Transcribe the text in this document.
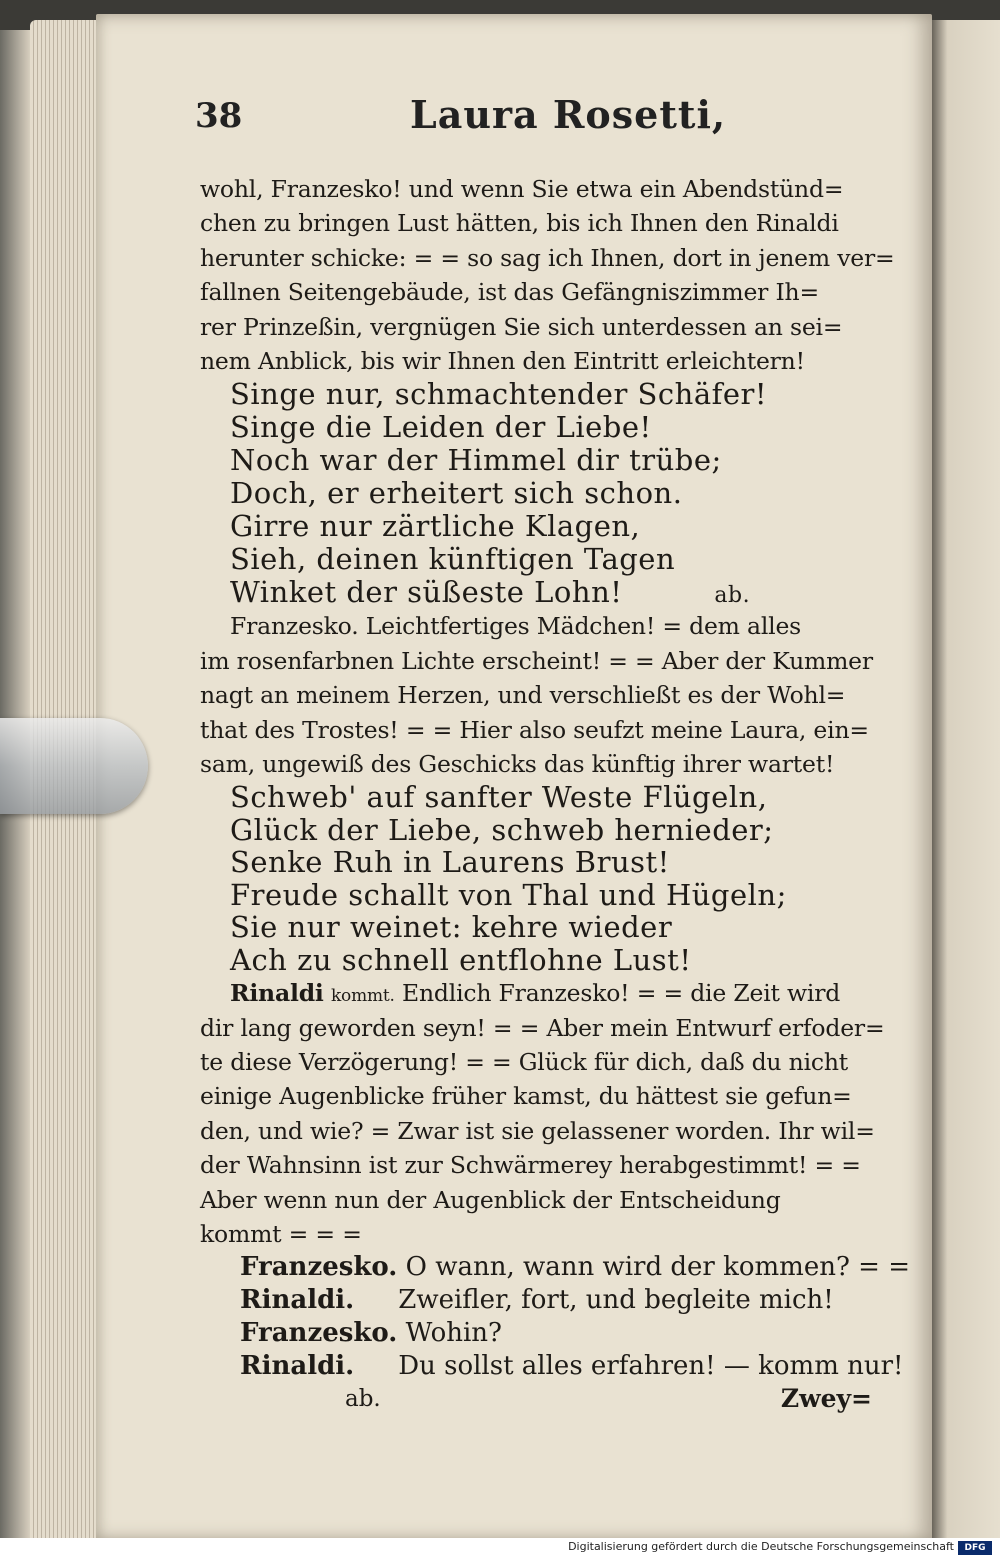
38	Laura Rosetti,
wohl, Franzesko! und wenn Sie etwa ein Abendstünd=
chen zu bringen Lust hätten, bis ich Ihnen den Rinaldi
herunter schicke: = = so sag ich Ihnen, dort in jenem ver=
fallnen Seitengebäude, ist das Gefängniszimmer Ih=
rer Prinzeßin, vergnügen Sie sich unterdessen an sei=
nem Anblick, bis wir Ihnen den Eintritt erleichtern!
Singe nur, schmachtender Schäfer!
Singe die Leiden der Liebe!
Noch war der Himmel dir trübe;
Doch, er erheitert sich schon.
Girre nur zärtliche Klagen,
Sieh, deinen künftigen Tagen
Winket der süßeste Lohn!	ab.
Franzesko. Leichtfertiges Mädchen! = dem alles
im rosenfarbnen Lichte erscheint! = = Aber der Kummer
nagt an meinem Herzen, und verschließt es der Wohl=
that des Trostes! = = Hier also seufzt meine Laura, ein=
sam, ungewiß des Geschicks das künftig ihrer wartet!
Schweb' auf sanfter Weste Flügeln,
Glück der Liebe, schweb hernieder;
Senke Ruh in Laurens Brust!
Freude schallt von Thal und Hügeln;
Sie nur weinet: kehre wieder
Ach zu schnell entflohne Lust!
Rinaldi kommt. Endlich Franzesko! = = die Zeit wird
dir lang geworden seyn! = = Aber mein Entwurf erfoder=
te diese Verzögerung! = = Glück für dich, daß du nicht
einige Augenblicke früher kamst, du hättest sie gefun=
den, und wie? = Zwar ist sie gelassener worden. Ihr wil=
der Wahnsinn ist zur Schwärmerey herabgestimmt! = =
Aber wenn nun der Augenblick der Entscheidung
kommt = = =
Franzesko. O wann, wann wird der kommen? = =
Rinaldi. Zweifler, fort, und begleite mich!
Franzesko. Wohin?
Rinaldi. Du sollst alles erfahren! — komm nur!
ab.	Zwey=
Digitalisierung gefördert durch die Deutsche Forschungsgemeinschaft	DFG
